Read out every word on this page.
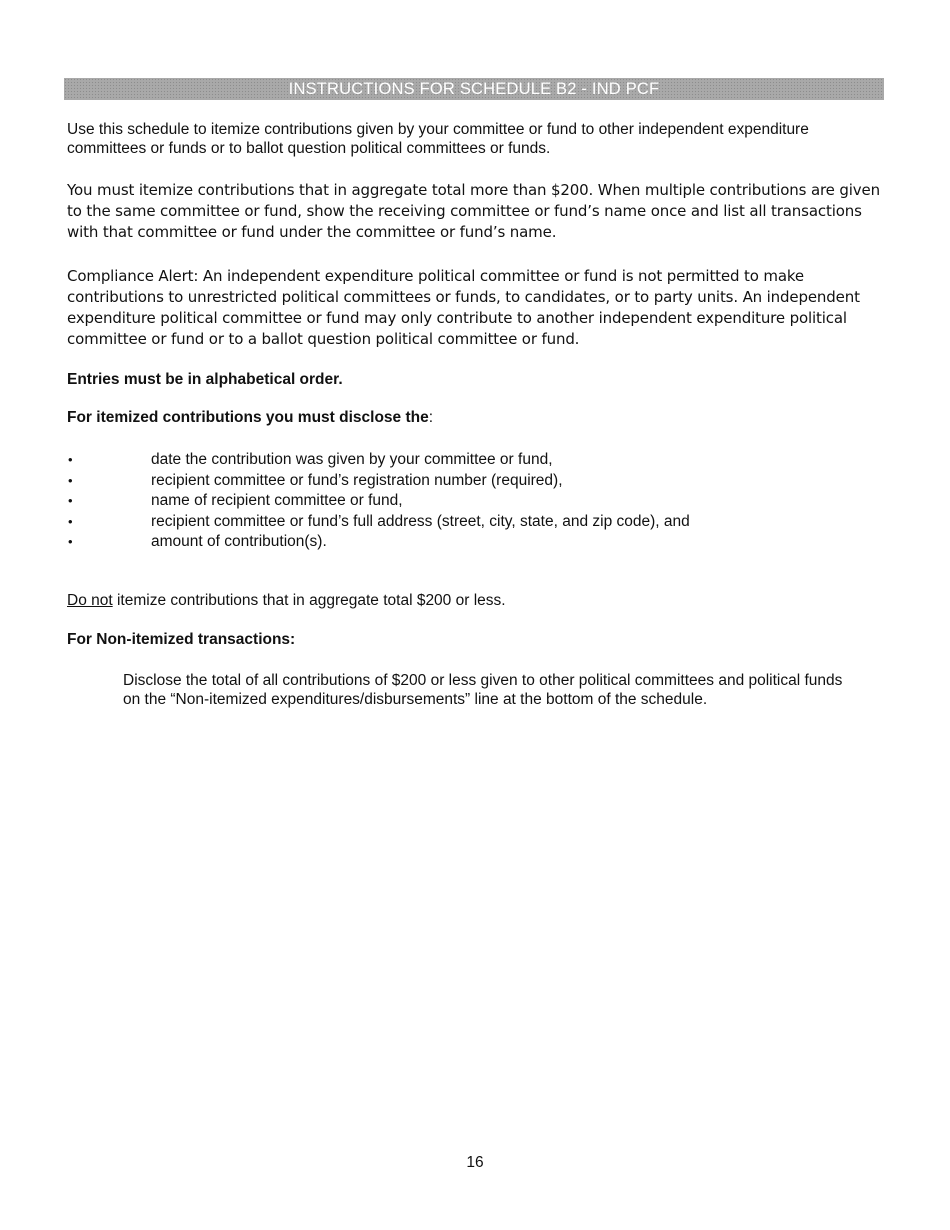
INSTRUCTIONS FOR SCHEDULE B2 - IND PCF

Use this schedule to itemize contributions given by your committee or fund to other independent expenditure committees or funds or to ballot question political committees or funds.

You must itemize contributions that in aggregate total more than $200. When multiple contributions are given to the same committee or fund, show the receiving committee or fund’s name once and list all transactions with that committee or fund under the committee or fund’s name.

Compliance Alert: An independent expenditure political committee or fund is not permitted to make contributions to unrestricted political committees or funds, to candidates, or to party units. An independent expenditure political committee or fund may only contribute to another independent expenditure political committee or fund or to a ballot question political committee or fund.

Entries must be in alphabetical order.

For itemized contributions you must disclose the:

•	date the contribution was given by your committee or fund,
•	recipient committee or fund’s registration number (required),
•	name of recipient committee or fund,
•	recipient committee or fund’s full address (street, city, state, and zip code), and
•	amount of contribution(s).

Do not itemize contributions that in aggregate total $200 or less.

For Non-itemized transactions:

Disclose the total of all contributions of $200 or less given to other political committees and political funds on the “Non-itemized expenditures/disbursements” line at the bottom of the schedule.

16
